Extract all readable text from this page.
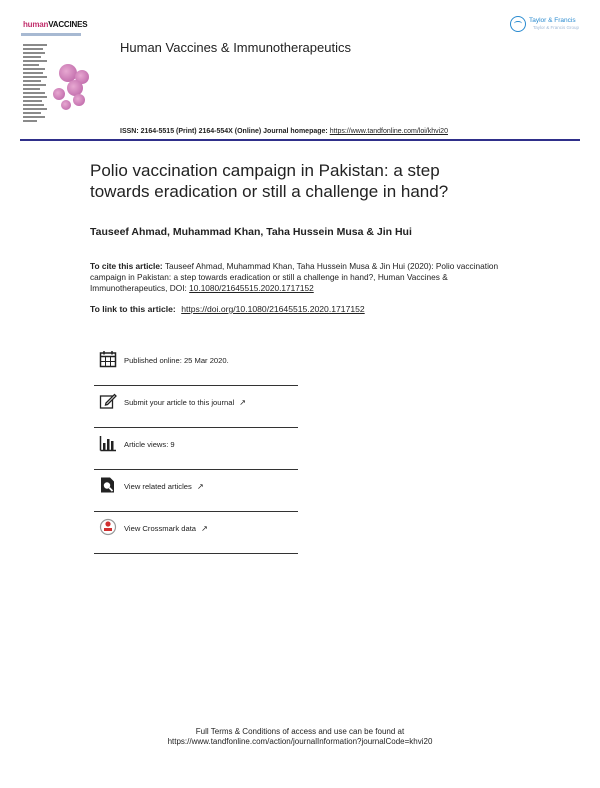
humanVACCINES
Human Vaccines & Immunotherapeutics
Taylor & Francis
Taylor & Francis Group
ISSN: 2164-5515 (Print) 2164-554X (Online) Journal homepage: https://www.tandfonline.com/loi/khvi20
Polio vaccination campaign in Pakistan: a step
towards eradication or still a challenge in hand?
Tauseef Ahmad, Muhammad Khan, Taha Hussein Musa & Jin Hui
To cite this article: Tauseef Ahmad, Muhammad Khan, Taha Hussein Musa & Jin Hui (2020): Polio vaccination campaign in Pakistan: a step towards eradication or still a challenge in hand?, Human Vaccines & Immunotherapeutics, DOI: 10.1080/21645515.2020.1717152
To link to this article: https://doi.org/10.1080/21645515.2020.1717152
Published online: 25 Mar 2020.
Submit your article to this journal ↗
Article views: 9
View related articles ↗
View Crossmark data ↗
Full Terms & Conditions of access and use can be found at
https://www.tandfonline.com/action/journalInformation?journalCode=khvi20
